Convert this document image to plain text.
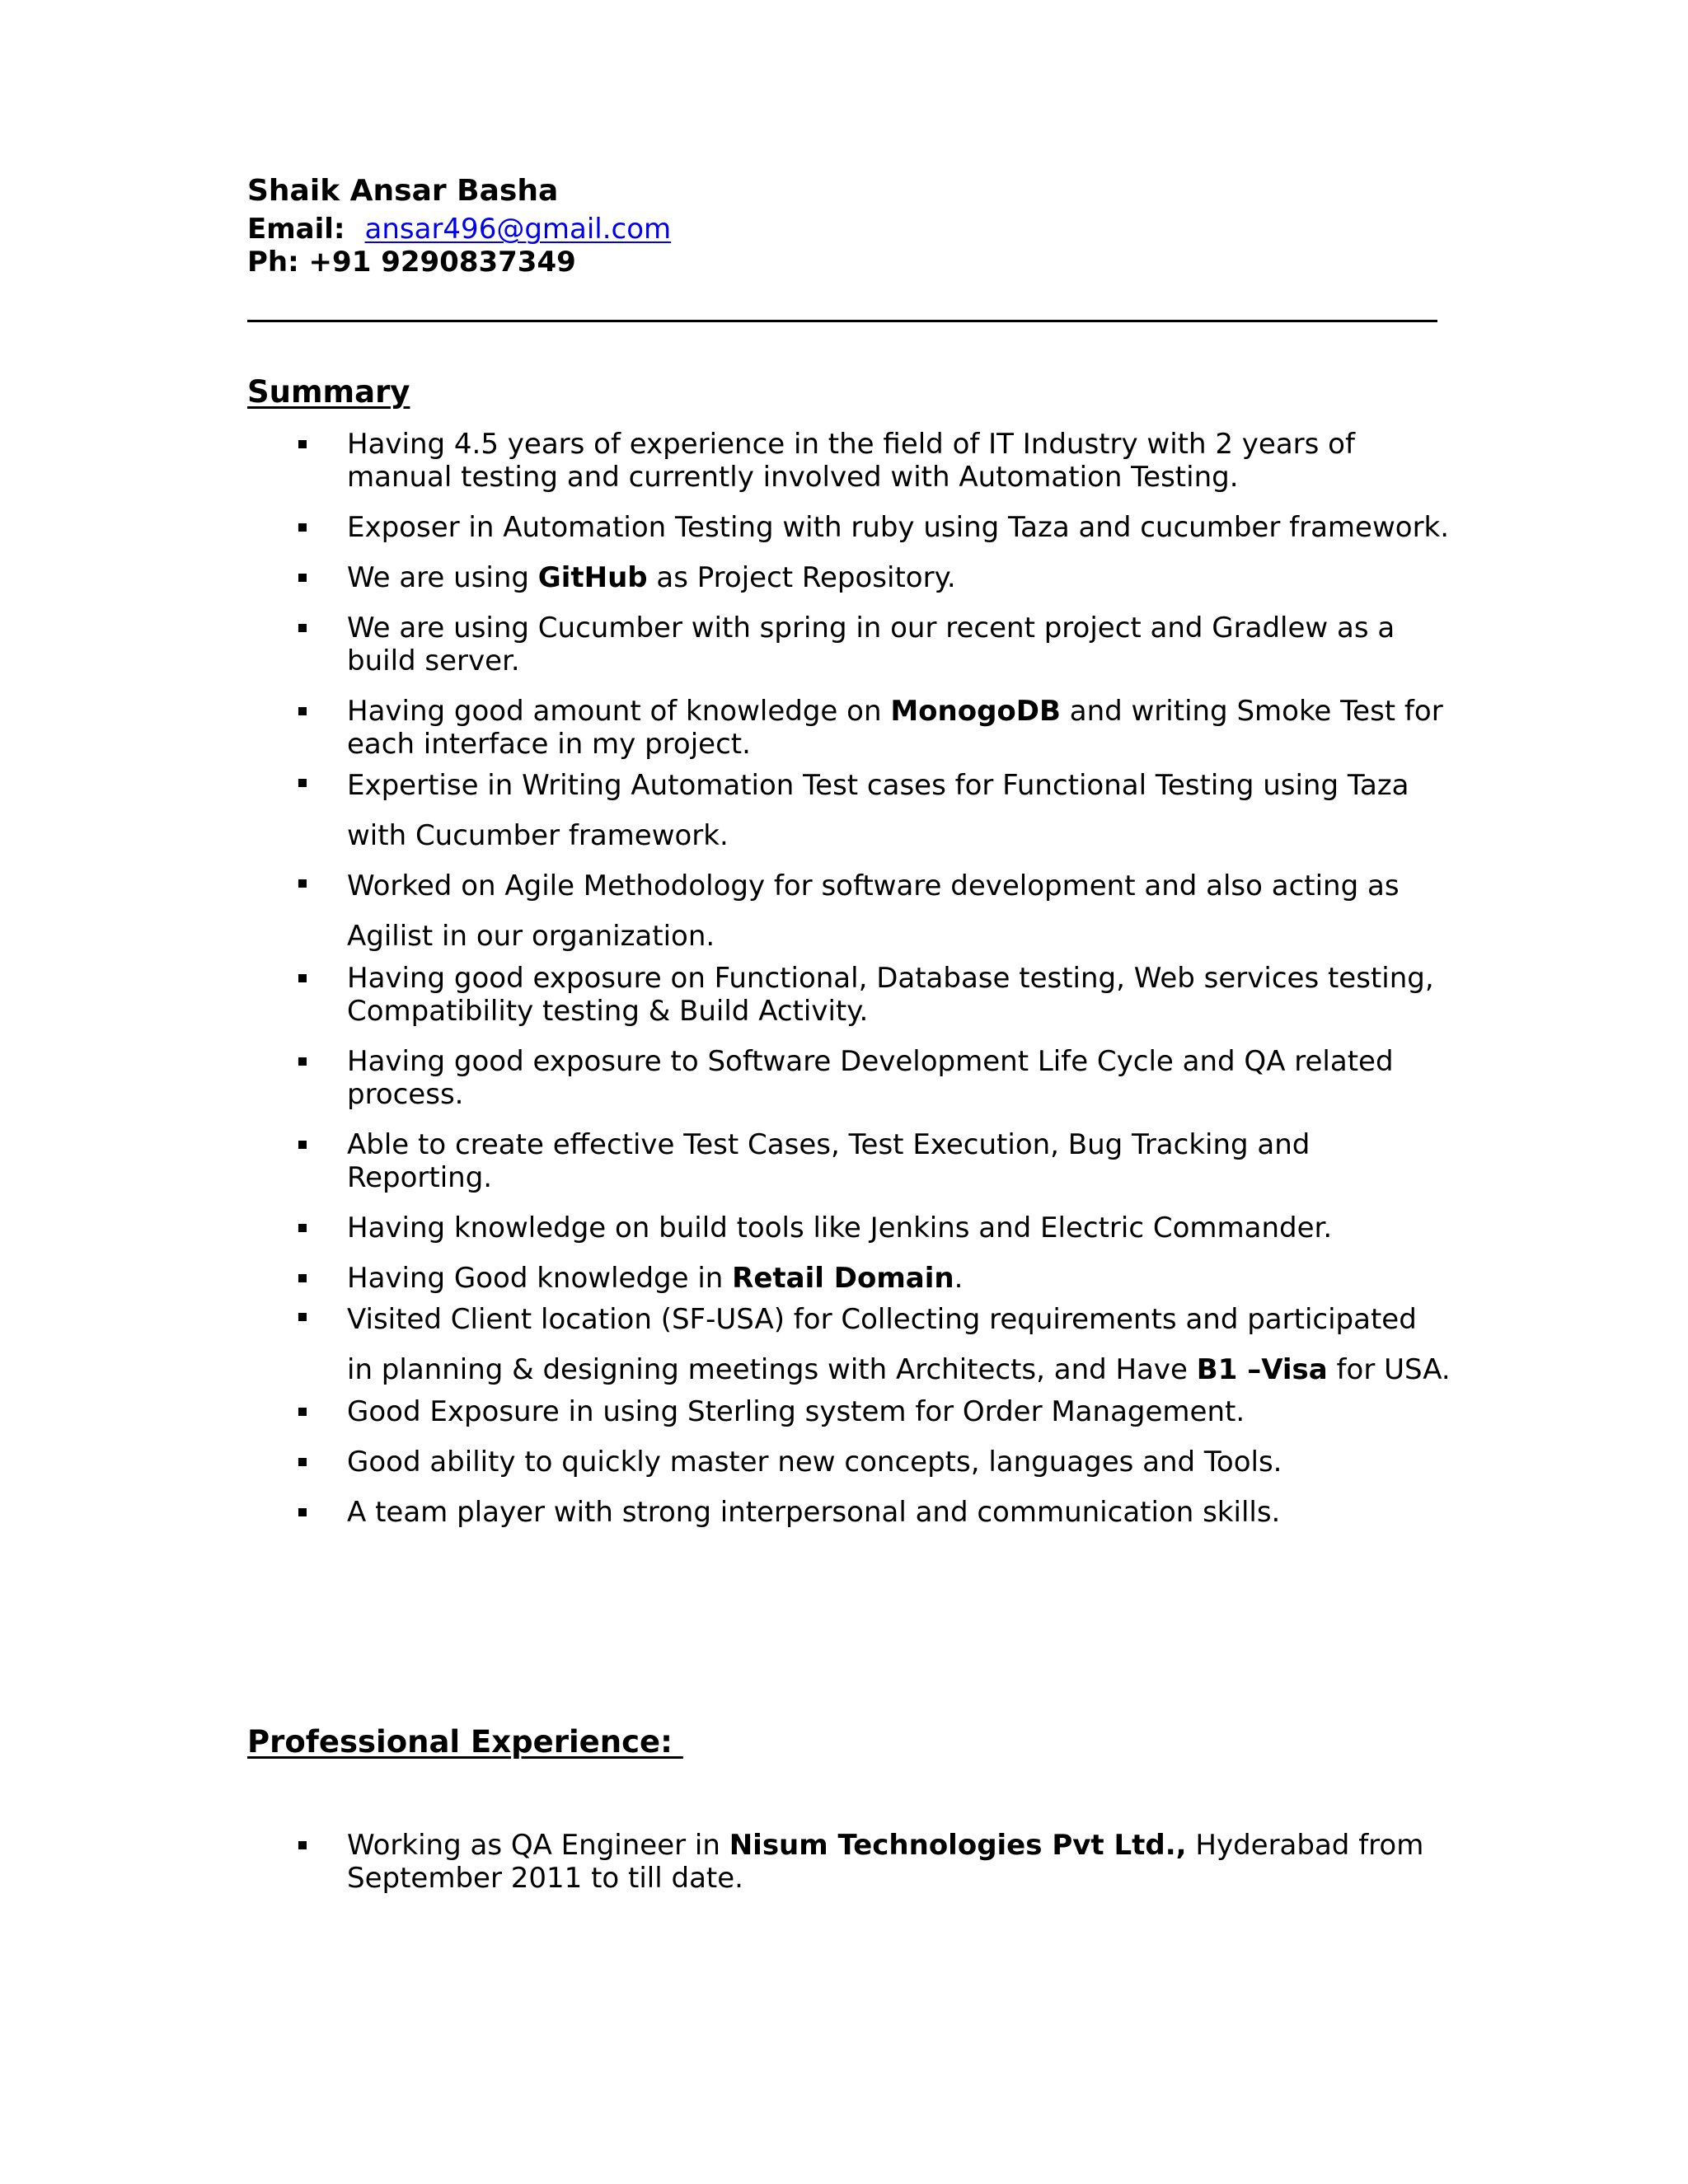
Shaik Ansar Basha
Email: ansar496@gmail.com
Ph: +91 9290837349
Summary
Having 4.5 years of experience in the field of IT Industry with 2 years of manual testing and currently involved with Automation Testing.
Exposer in Automation Testing with ruby using Taza and cucumber framework.
We are using GitHub as Project Repository.
We are using Cucumber with spring in our recent project and Gradlew as a build server.
Having good amount of knowledge on MonogoDB and writing Smoke Test for each interface in my project.
Expertise in Writing Automation Test cases for Functional Testing using Taza with Cucumber framework.
Worked on Agile Methodology for software development and also acting as Agilist in our organization.
Having good exposure on Functional, Database testing, Web services testing, Compatibility testing & Build Activity.
Having good exposure to Software Development Life Cycle and QA related process.
Able to create effective Test Cases, Test Execution, Bug Tracking and Reporting.
Having knowledge on build tools like Jenkins and Electric Commander.
Having Good knowledge in Retail Domain.
Visited Client location (SF-USA) for Collecting requirements and participated in planning & designing meetings with Architects, and Have B1 –Visa for USA.
Good Exposure in using Sterling system for Order Management.
Good ability to quickly master new concepts, languages and Tools.
A team player with strong interpersonal and communication skills.
Professional Experience:
Working as QA Engineer in Nisum Technologies Pvt Ltd., Hyderabad from September 2011 to till date.
